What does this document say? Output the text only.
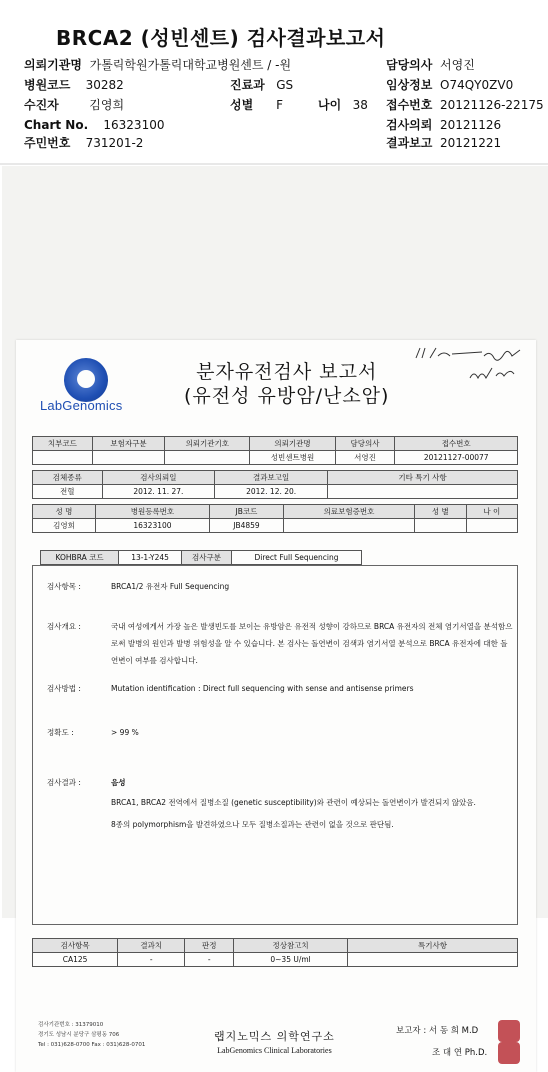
BRCA2 (성빈센트) 검사결과보고서
의뢰기관명 가톨릭학원가톨릭대학교병원센트 / -원
병원코드 30282
수진자	김영희
Chart No. 16323100
주민번호 731201-2
진료과 GS
성별 F	나이 38
담당의사 서영진
임상정보 O74QY0ZV0
접수번호 20121126-22175
검사의뢰 20121126
결과보고 20121221
LabGenomics
분자유전검사 보고서
(유전성 유방암/난소암)
치부코드	보험자구분	의뢰기관기호	의뢰기관명	담당의사	접수번호
			성빈센트병원	서영진	20121127-00077
검체종류	검사의뢰일	결과보고일	기타 특기 사항
전혈	2012. 11. 27.	2012. 12. 20.	
성 명	병원등록번호	JB코드	의료보험증번호	성 별	나 이
김영희	16323100	JB4859			
KOHBRA 코드	13-1-Y245	검사구분	Direct Full Sequencing
검사항목 :	BRCA1/2 유전자 Full Sequencing
검사개요 :	국내 여성에게서 가장 높은 발생빈도를 보이는 유방암은 유전적 성향이 강하므로 BRCA 유전자의 전체 염기서열을 분석함으로써 발병의 원인과 발병 위험성을 알 수 있습니다. 본 검사는 돌연변이 검색과 염기서열 분석으로 BRCA 유전자에 대한 돌연변이 여부를 검사합니다.
검사방법 :	Mutation identification : Direct full sequencing with sense and antisense primers
정확도 :	> 99 %
검사결과 :	음성
BRCA1, BRCA2 전역에서 질병소질 (genetic susceptibility)와 관련이 예상되는 돌연변이가 발견되지 않았음.
8종의 polymorphism을 발견하였으나 모두 질병소질과는 관련이 없을 것으로 판단됨.
검사항목	결과치	판정	정상참고치	특기사항
CA125	-	-	0~35 U/ml	
검사기관번호 : 31379010
경기도 성남시 분당구 삼평동 706
Tel : 031)628-0700 Fax : 031)628-0701
랩지노믹스 의학연구소
LabGenomics Clinical Laboratories
보고자 : 서 동 희 M.D
조 대 연 Ph.D.
